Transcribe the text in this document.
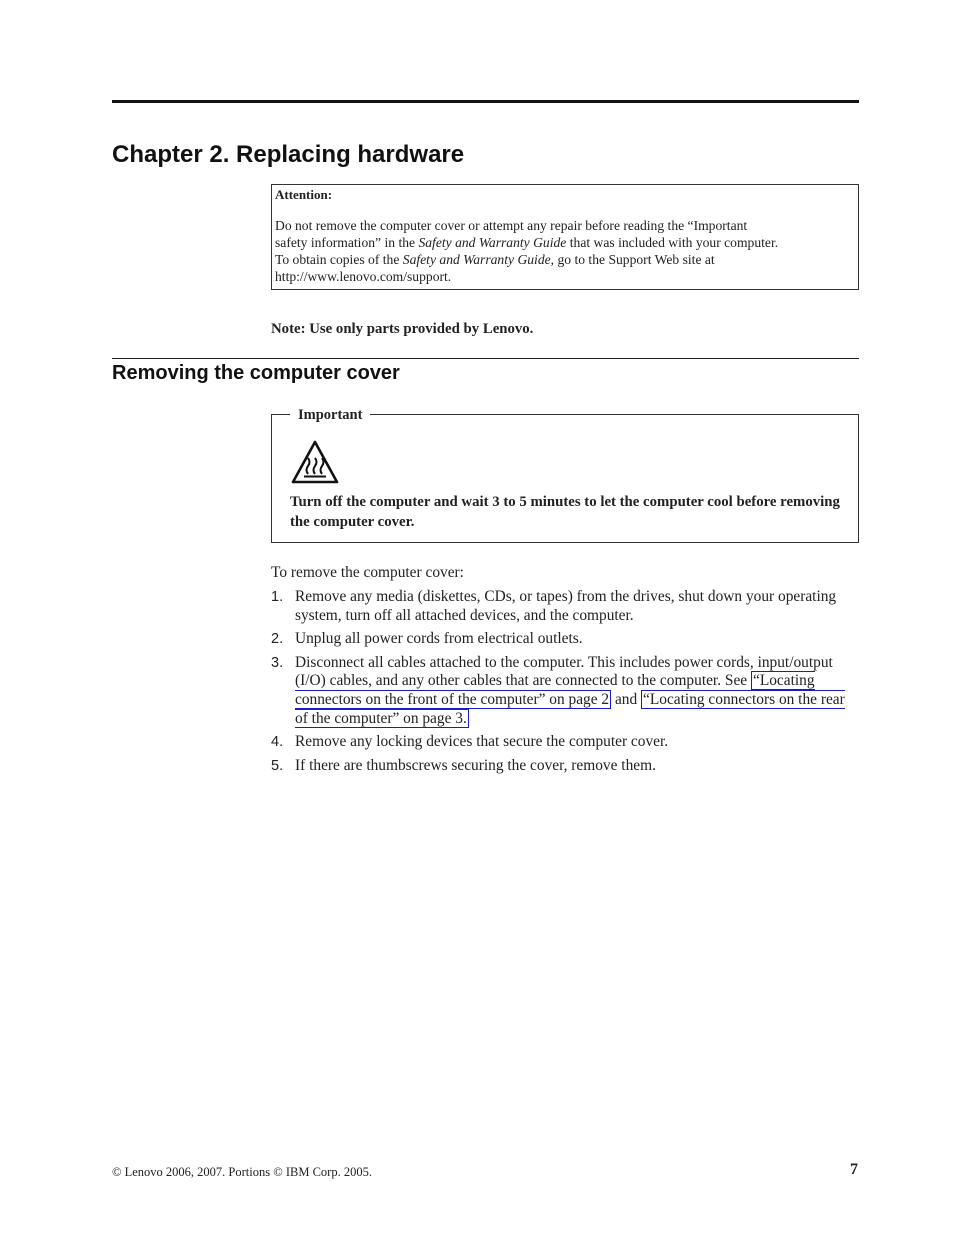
Chapter 2. Replacing hardware
Attention:
Do not remove the computer cover or attempt any repair before reading the “Important
safety information” in the Safety and Warranty Guide that was included with your computer.
To obtain copies of the Safety and Warranty Guide, go to the Support Web site at
http://www.lenovo.com/support.
Note: Use only parts provided by Lenovo.
Removing the computer cover
Important
Turn off the computer and wait 3 to 5 minutes to let the computer cool before removing the computer cover.
To remove the computer cover:
1. Remove any media (diskettes, CDs, or tapes) from the drives, shut down your operating system, turn off all attached devices, and the computer.
2. Unplug all power cords from electrical outlets.
3. Disconnect all cables attached to the computer. This includes power cords, input/output (I/O) cables, and any other cables that are connected to the computer. See “Locating connectors on the front of the computer” on page 2 and “Locating connectors on the rear of the computer” on page 3.
4. Remove any locking devices that secure the computer cover.
5. If there are thumbscrews securing the cover, remove them.
© Lenovo 2006, 2007. Portions © IBM Corp. 2005.	7
